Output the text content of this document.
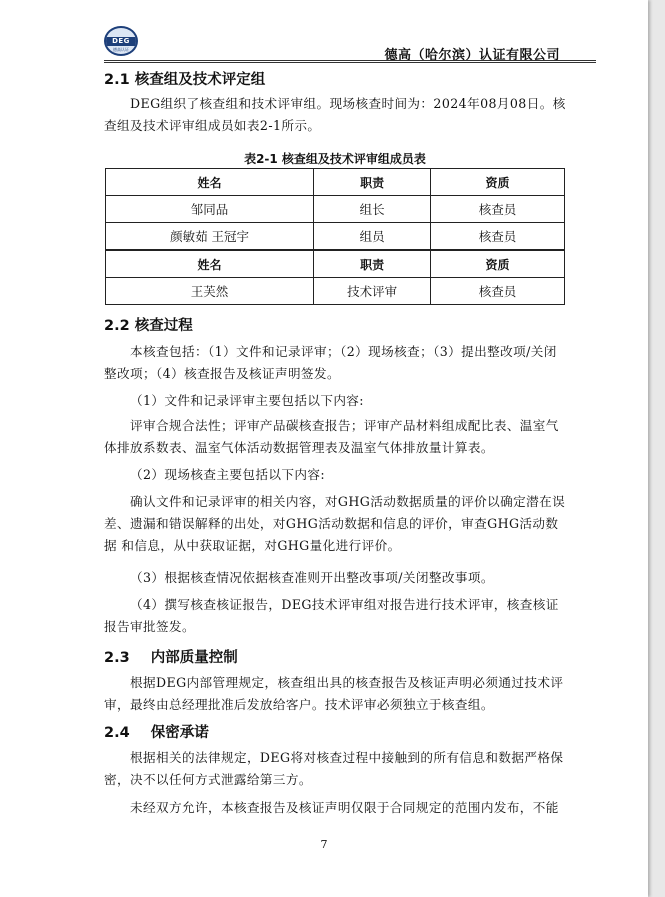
DEG
德高认证	德高（哈尔滨）认证有限公司
2.1 核查组及技术评定组

DEG组织了核查组和技术评审组。现场核查时间为：2024年08月08日。核查组及技术评审组成员如表2-1所示。

表2-1 核查组及技术评审组成员表
姓名	职责	资质
邹同品	组长	核查员
颜敏茹 王冠宇	组员	核查员
姓名	职责	资质
王芙然	技术评审	核查员
2.2 核查过程

本核查包括：（1）文件和记录评审；（2）现场核查；（3）提出整改项/关闭整改项；（4）核查报告及核证声明签发。

（1）文件和记录评审主要包括以下内容:

评审合规合法性；评审产品碳核查报告；评审产品材料组成配比表、温室气体排放系数表、温室气体活动数据管理表及温室气体排放量计算表。

（2）现场核查主要包括以下内容:

确认文件和记录评审的相关内容，对GHG活动数据质量的评价以确定潜在误 差、遗漏和错误解释的出处，对GHG活动数据和信息的评价，审查GHG活动数据 和信息，从中获取证据，对GHG量化进行评价。

（3）根据核查情况依据核查准则开出整改事项/关闭整改事项。

（4）撰写核查核证报告，DEG技术评审组对报告进行技术评审，核查核证 报告审批签发。

2.3 内部质量控制

根据DEG内部管理规定，核查组出具的核查报告及核证声明必须通过技术评审，最终由总经理批准后发放给客户。技术评审必须独立于核查组。

2.4 保密承诺

根据相关的法律规定，DEG将对核查过程中接触到的所有信息和数据严格保密，决不以任何方式泄露给第三方。

未经双方允许，本核查报告及核证声明仅限于合同规定的范围内发布，不能

7
